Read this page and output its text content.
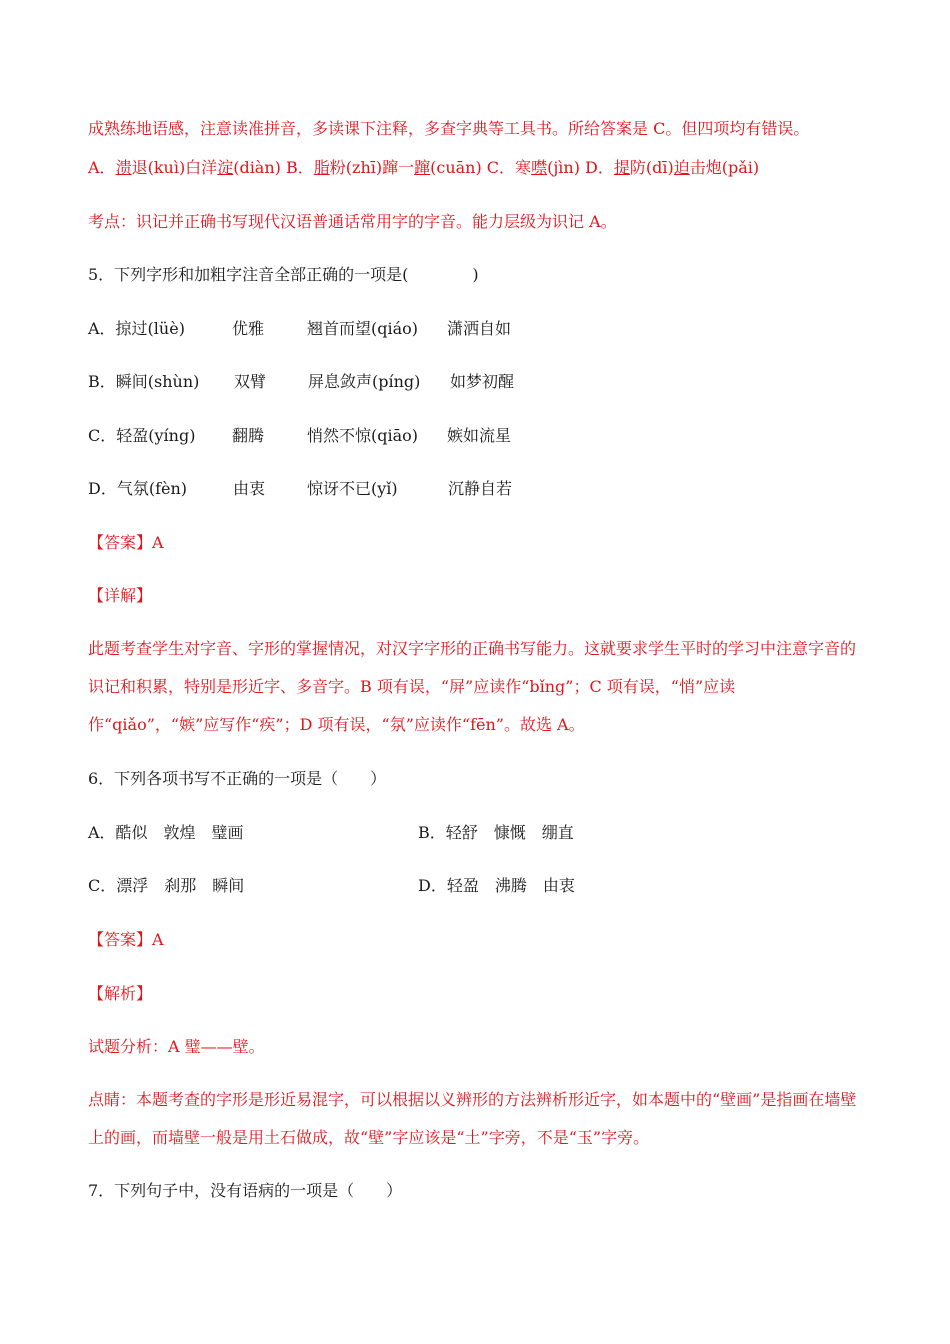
成熟练地语感，注意读准拼音，多读课下注释，多查字典等工具书。所给答案是 C。但四项均有错误。
A．溃退(kuì)白洋淀(diàn) B．脂粉(zhī)蹿一蹿(cuān) C．寒噤(jìn) D．提防(dī)迫击炮(pǎi)
考点：识记并正确书写现代汉语普通话常用字的字音。能力层级为识记 A。
5．下列字形和加粗字注音全部正确的一项是(　　　　)
A．掠过(lüè)	优雅	翘首而望(qiáo) 潇洒自如
B．瞬间(shùn) 双臂	屏息敛声(píng) 如梦初醒
C．轻盈(yíng) 翻腾	悄然不惊(qiāo) 嫉如流星
D．气氛(fèn)	由衷	惊讶不已(yǐ)	沉静自若
【答案】A
【详解】
此题考查学生对字音、字形的掌握情况，对汉字字形的正确书写能力。这就要求学生平时的学习中注意字音的识记和积累，特别是形近字、多音字。B 项有误，“屏”应读作“bǐng”；C 项有误，“悄”应读作“qiǎo”，“嫉”应写作“疾”；D 项有误，“氛”应读作“fēn”。故选 A。
6．下列各项书写不正确的一项是（　　）
A．酷似　敦煌　璧画	B．轻舒　慷慨　绷直
C．漂浮　刹那　瞬间	D．轻盈　沸腾　由衷
【答案】A
【解析】
试题分析：A 璧——壁。
点睛：本题考查的字形是形近易混字，可以根据以义辨形的方法辨析形近字，如本题中的“壁画”是指画在墙壁上的画，而墙壁一般是用土石做成，故“壁”字应该是“土”字旁，不是“玉”字旁。
7．下列句子中，没有语病的一项是（　　）
